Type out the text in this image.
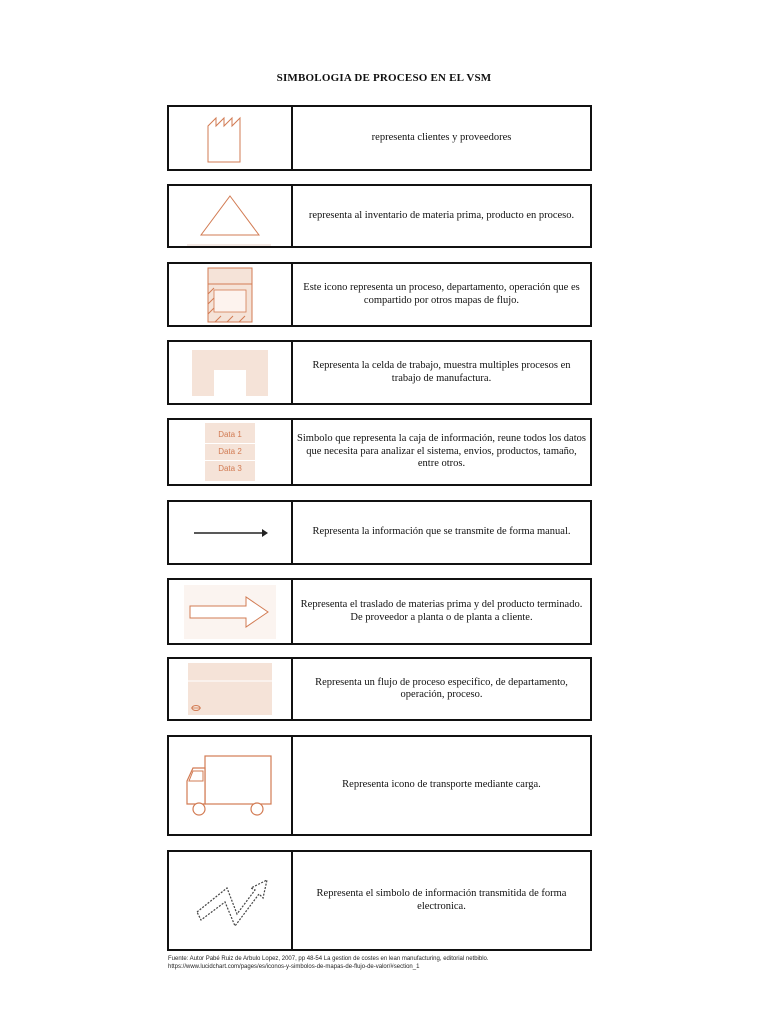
SIMBOLOGIA DE PROCESO EN EL VSM
representa clientes y proveedores
representa al inventario de materia prima, producto en proceso.
Este icono representa un proceso, departamento, operación que es compartido por otros mapas de flujo.
Representa la celda de trabajo, muestra multiples procesos en trabajo de manufactura.
Data 1
Data 2
Data 3
Simbolo que representa la caja de información, reune todos los datos que necesita para analizar el sistema, envios, productos, tamaño, entre otros.
Representa la información que se transmite de forma manual.
Representa el traslado de materias prima y del producto terminado. De proveedor a planta o de planta a cliente.
Representa un flujo de proceso especifico, de departamento, operación, proceso.
Representa icono de transporte mediante carga.
Representa el simbolo de información transmitida de forma electronica.
Fuente: Autor Pabé Ruiz de Arbulo Lopez, 2007, pp 48-54 La gestion de costes en lean manufacturing, editorial netbiblo.
https://www.lucidchart.com/pages/es/iconos-y-simbolos-de-mapas-de-flujo-de-valor/#section_1
